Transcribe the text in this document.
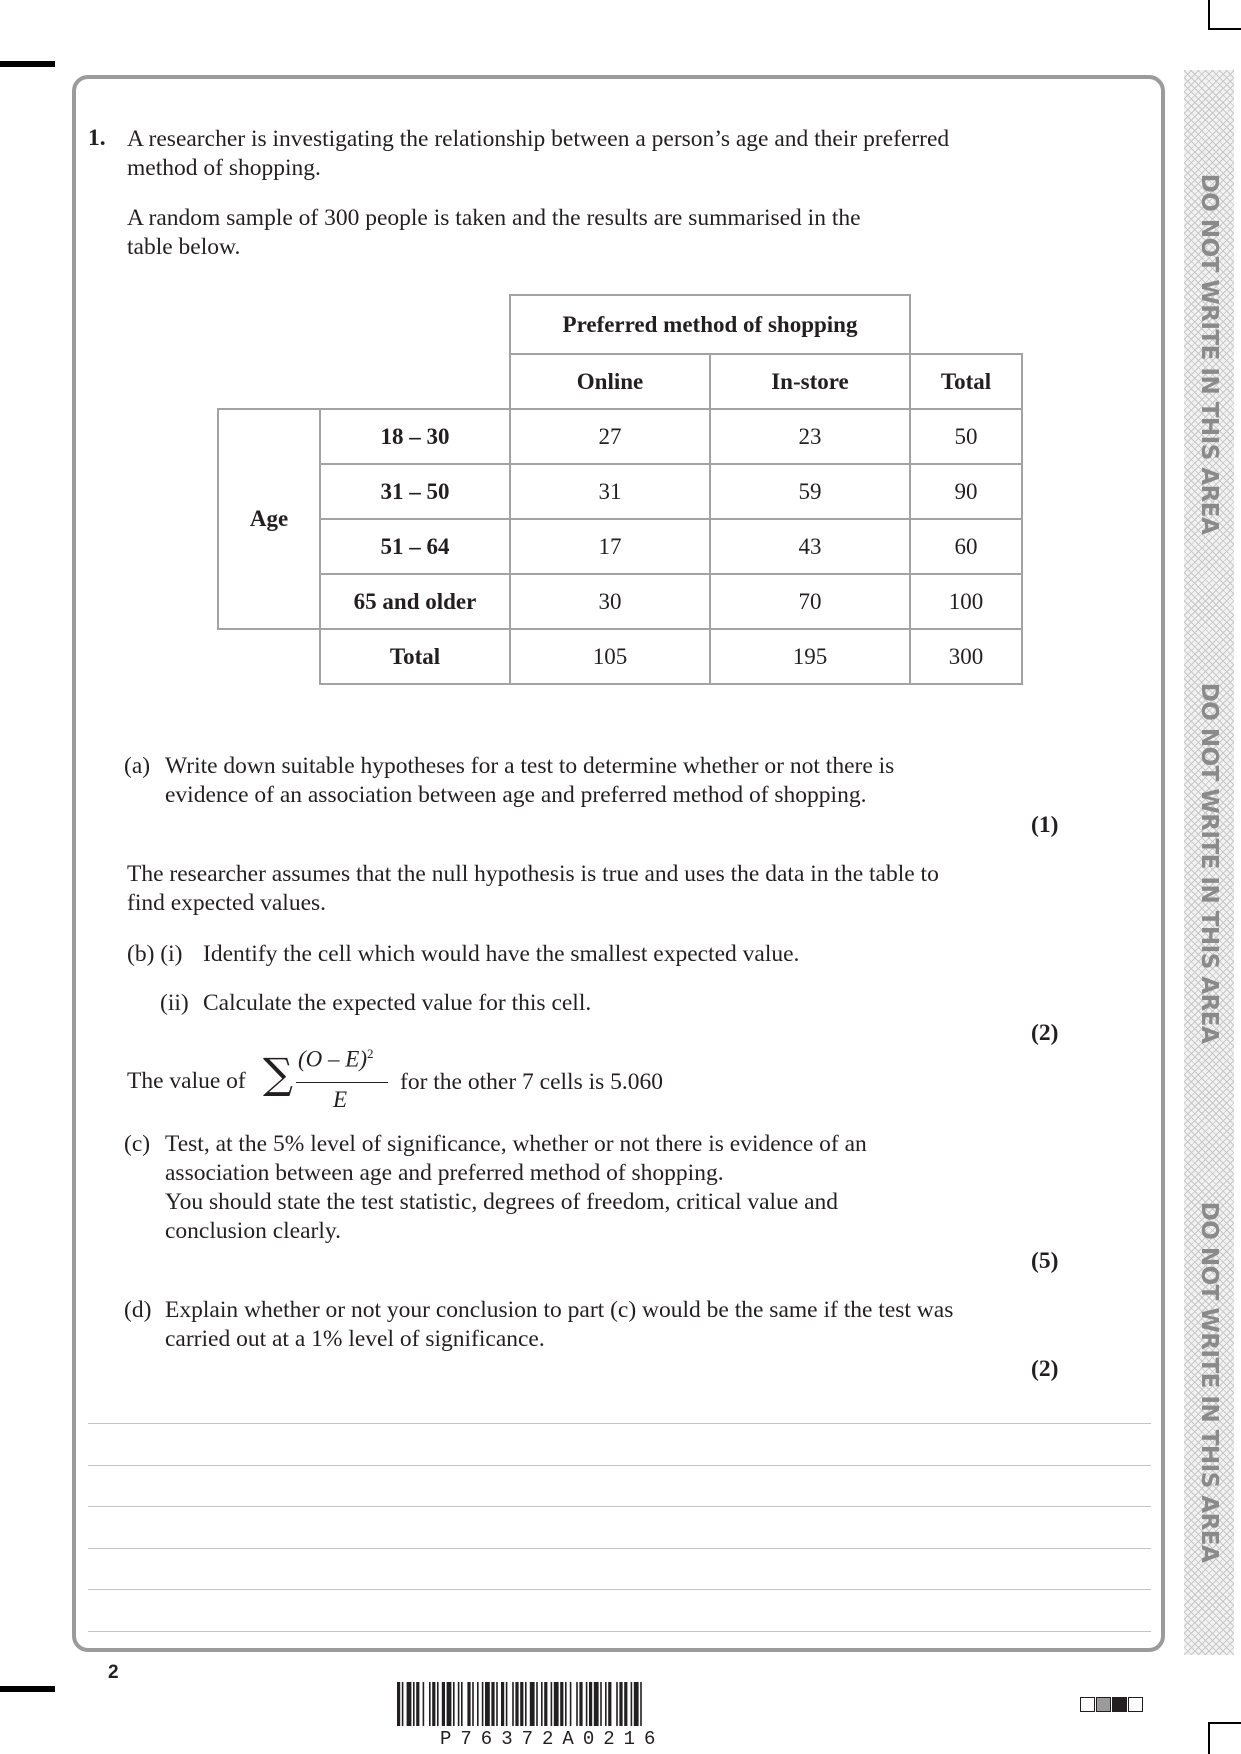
DO NOT WRITE IN THIS AREA
DO NOT WRITE IN THIS AREA
DO NOT WRITE IN THIS AREA
1. A researcher is investigating the relationship between a person’s age and their preferred
method of shopping.
A random sample of 300 people is taken and the results are summarised in the
table below.
		Preferred method of shopping		
		Online	In-store	Total
Age	18 – 30	27	23	50
	31 – 50	31	59	90
	51 – 64	17	43	60
	65 and older	30	70	100
	Total	105	195	300
(a) Write down suitable hypotheses for a test to determine whether or not there is
evidence of an association between age and preferred method of shopping.
(1)
The researcher assumes that the null hypothesis is true and uses the data in the table to
find expected values.
(b) (i) Identify the cell which would have the smallest expected value.
(ii) Calculate the expected value for this cell.
(2)
The value of ∑ (O – E)$^2$
E
for the other 7 cells is 5.060
(c) Test, at the 5% level of significance, whether or not there is evidence of an
association between age and preferred method of shopping.
You should state the test statistic, degrees of freedom, critical value and
conclusion clearly.
(5)
(d) Explain whether or not your conclusion to part (c) would be the same if the test was
carried out at a 1% level of significance.
(2)
2
P76372A0216
